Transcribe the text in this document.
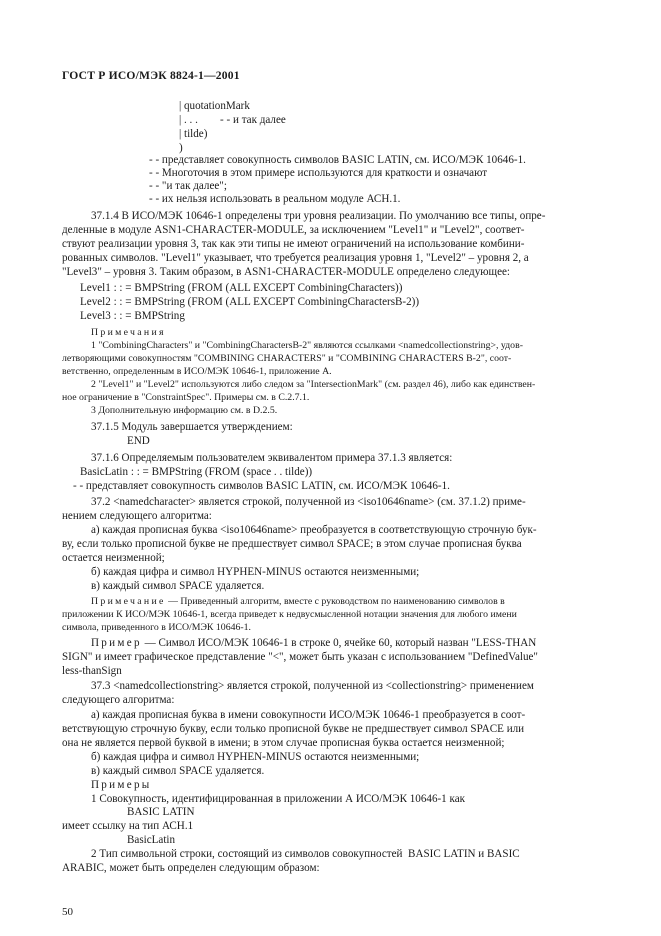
ГОСТ Р ИСО/МЭК 8824-1—2001
| quotationMark
| . . .        - - и так далее
| tilde)
)
- - представляет совокупность символов BASIC LATIN, см. ИСО/МЭК 10646-1.
- - Многоточия в этом примере используются для краткости и означают
- - "и так далее";
- - их нельзя использовать в реальном модуле АСН.1.
37.1.4 В ИСО/МЭК 10646-1 определены три уровня реализации. По умолчанию все типы, опре-
деленные в модуле ASN1-CHARACTER-MODULE, за исключением "Level1" и "Level2", соответ-
ствуют реализации уровня 3, так как эти типы не имеют ограничений на использование комбини-
рованных символов. "Level1" указывает, что требуется реализация уровня 1, "Level2" – уровня 2, а
"Level3" – уровня 3. Таким образом, в ASN1-CHARACTER-MODULE определено следующее:
Level1 : : = BMPString (FROM (ALL EXCEPT CombiningCharacters))
Level2 : : = BMPString (FROM (ALL EXCEPT CombiningCharactersB-2))
Level3 : : = BMPString
Примечания
1 "CombiningCharacters" и "CombiningCharactersB-2" являются ссылками <namedcollectionstring>, удов-
летворяющими совокупностям "COMBINING CHARACTERS" и "COMBINING CHARACTERS B-2", соот-
ветственно, определенным в ИСО/МЭК 10646-1, приложение А.
2 "Level1" и "Level2" используются либо следом за "IntersectionMark" (см. раздел 46), либо как единствен-
ное ограничение в "ConstraintSpec". Примеры см. в С.2.7.1.
3 Дополнительную информацию см. в D.2.5.
37.1.5 Модуль завершается утверждением:
END
37.1.6 Определяемым пользователем эквивалентом примера 37.1.3 является:
BasicLatin : : = BMPString (FROM (space . . tilde))
- - представляет совокупность символов BASIC LATIN, см. ИСО/МЭК 10646-1.
37.2 <namedcharacter> является строкой, полученной из <iso10646name> (см. 37.1.2) приме-
нением следующего алгоритма:
а) каждая прописная буква <iso10646name> преобразуется в соответствующую строчную бук-
ву, если только прописной букве не предшествует символ SPACE; в этом случае прописная буква
остается неизменной;
б) каждая цифра и символ HYPHEN-MINUS остаются неизменными;
в) каждый символ SPACE удаляется.
Примечание — Приведенный алгоритм, вместе с руководством по наименованию символов в
приложении К ИСО/МЭК 10646-1, всегда приведет к недвусмысленной нотации значения для любого имени
символа, приведенного в ИСО/МЭК 10646-1.
Пример — Символ ИСО/МЭК 10646-1 в строке 0, ячейке 60, который назван "LESS-THAN
SIGN" и имеет графическое представление "<", может быть указан с использованием "DefinedValue"
less-thanSign
37.3 <namedcollectionstring> является строкой, полученной из <collectionstring> применением
следующего алгоритма:
а) каждая прописная буква в имени совокупности ИСО/МЭК 10646-1 преобразуется в соот-
ветствующую строчную букву, если только прописной букве не предшествует символ SPACE или
она не является первой буквой в имени; в этом случае прописная буква остается неизменной;
б) каждая цифра и символ HYPHEN-MINUS остаются неизменными;
в) каждый символ SPACE удаляется.
Примеры
1 Совокупность, идентифицированная в приложении А ИСО/МЭК 10646-1 как
BASIC LATIN
имеет ссылку на тип АСН.1
BasicLatin
2 Тип символьной строки, состоящий из символов совокупностей  BASIC LATIN и BASIC
ARABIC, может быть определен следующим образом:
50
